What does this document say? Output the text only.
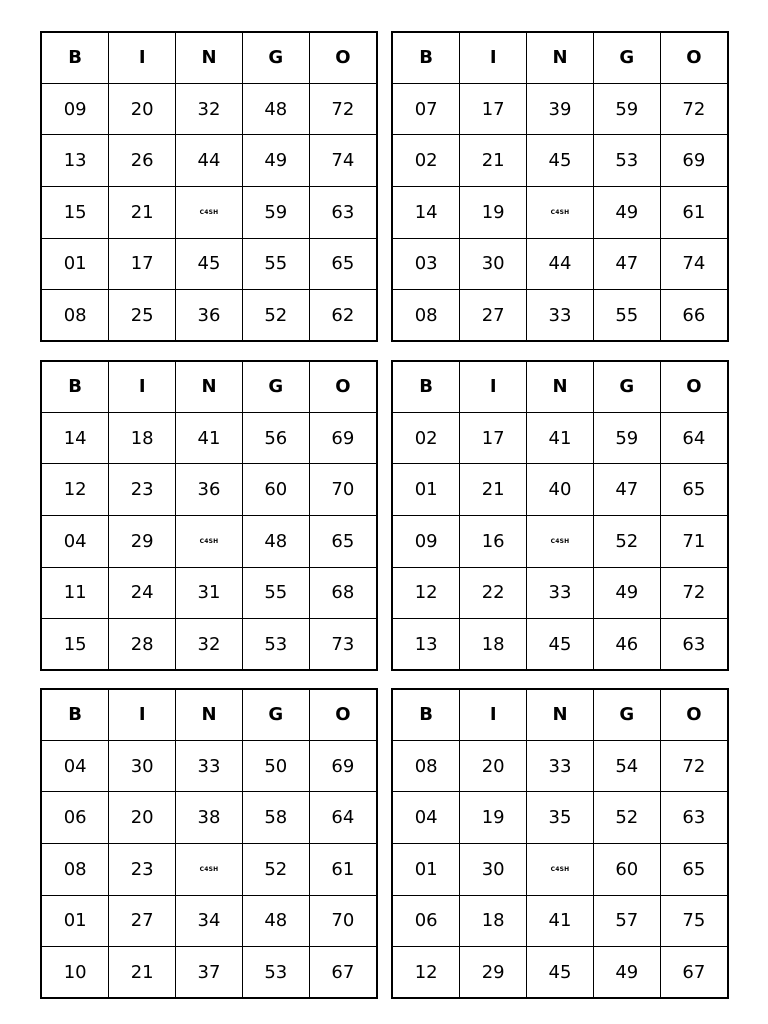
B	I	N	G	O
09	20	32	48	72
13	26	44	49	74
15	21	C4SH	59	63
01	17	45	55	65
08	25	36	52	62
B	I	N	G	O
07	17	39	59	72
02	21	45	53	69
14	19	C4SH	49	61
03	30	44	47	74
08	27	33	55	66
B	I	N	G	O
14	18	41	56	69
12	23	36	60	70
04	29	C4SH	48	65
11	24	31	55	68
15	28	32	53	73
B	I	N	G	O
02	17	41	59	64
01	21	40	47	65
09	16	C4SH	52	71
12	22	33	49	72
13	18	45	46	63
B	I	N	G	O
04	30	33	50	69
06	20	38	58	64
08	23	C4SH	52	61
01	27	34	48	70
10	21	37	53	67
B	I	N	G	O
08	20	33	54	72
04	19	35	52	63
01	30	C4SH	60	65
06	18	41	57	75
12	29	45	49	67
